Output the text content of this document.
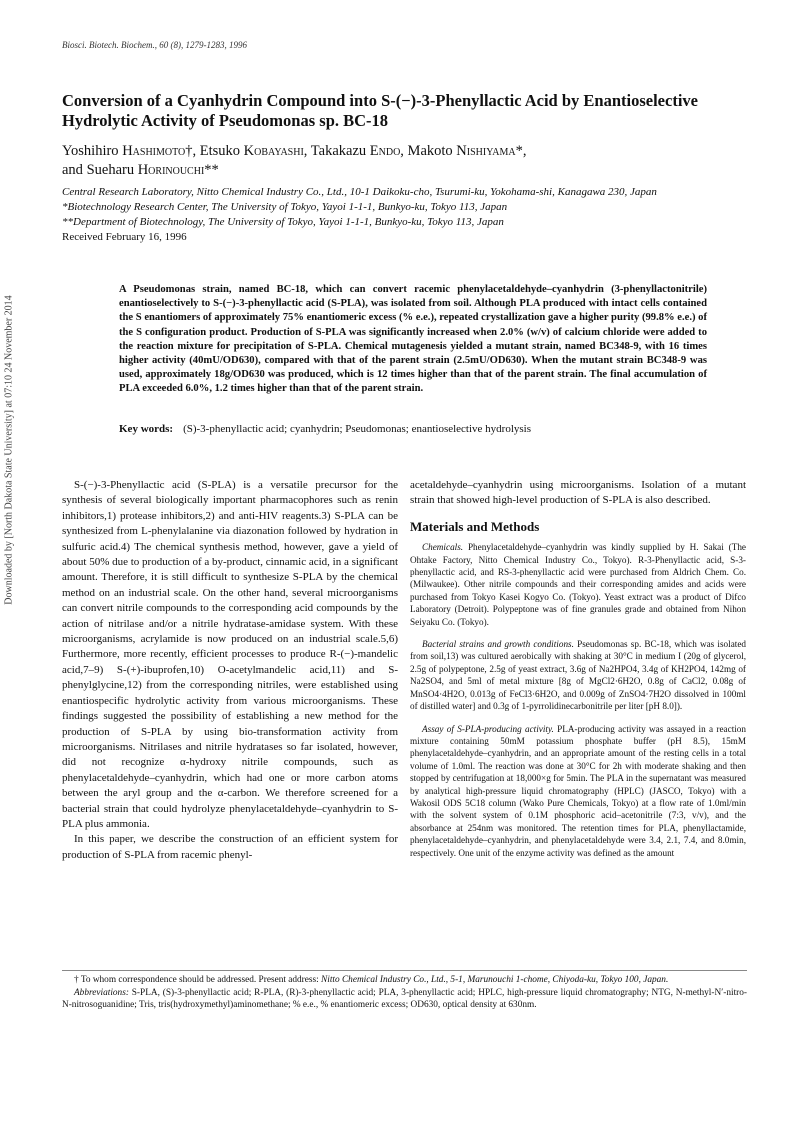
Biosci. Biotech. Biochem., 60 (8), 1279-1283, 1996
Downloaded by [North Dakota State University] at 07:10 24 November 2014
Conversion of a Cyanhydrin Compound into S-(−)-3-Phenyllactic Acid by Enantioselective Hydrolytic Activity of Pseudomonas sp. BC-18
Yoshihiro Hashimoto†, Etsuko Kobayashi, Takakazu Endo, Makoto Nishiyama*,
and Sueharu Horinouchi**
Central Research Laboratory, Nitto Chemical Industry Co., Ltd., 10-1 Daikoku-cho, Tsurumi-ku, Yokohama-shi, Kanagawa 230, Japan
*Biotechnology Research Center, The University of Tokyo, Yayoi 1-1-1, Bunkyo-ku, Tokyo 113, Japan
**Department of Biotechnology, The University of Tokyo, Yayoi 1-1-1, Bunkyo-ku, Tokyo 113, Japan
Received February 16, 1996
A Pseudomonas strain, named BC-18, which can convert racemic phenylacetaldehyde–cyanhydrin (3-phenyllactonitrile) enantioselectively to S-(−)-3-phenyllactic acid (S-PLA), was isolated from soil. Although PLA produced with intact cells contained the S enantiomers of approximately 75% enantiomeric excess (% e.e.), repeated crystallization gave a higher purity (99.8% e.e.) of the S configuration product. Production of S-PLA was significantly increased when 2.0% (w/v) of calcium chloride were added to the reaction mixture for precipitation of S-PLA. Chemical mutagenesis yielded a mutant strain, named BC348-9, with 16 times higher activity (40mU/OD630), compared with that of the parent strain (2.5mU/OD630). When the mutant strain BC348-9 was used, approximately 18g/OD630 was produced, which is 12 times higher than that of the parent strain. The final accumulation of PLA exceeded 6.0%, 1.2 times higher than that of the parent strain.
Key words: (S)-3-phenyllactic acid; cyanhydrin; Pseudomonas; enantioselective hydrolysis

S-(−)-3-Phenyllactic acid (S-PLA) is a versatile precursor for the synthesis of several biologically important pharmacophores such as renin inhibitors,1) protease inhibitors,2) and anti-HIV reagents.3) S-PLA can be synthesized from L-phenylalanine via diazonation followed by hydration in sulfuric acid.4) The chemical synthesis method, however, gave a yield of about 50% due to production of a by-product, cinnamic acid, in a significant amount. Therefore, it is still difficult to synthesize S-PLA by the chemical method on an industrial scale. On the other hand, several microorganisms can convert nitrile compounds to the corresponding acid compounds by the action of nitrilase and/or a nitrile hydratase-amidase system. With these microorganisms, acrylamide is now produced on an industrial scale.5,6) Furthermore, more recently, efficient processes to produce R-(−)-mandelic acid,7–9) S-(+)-ibuprofen,10) O-acetylmandelic acid,11) and S-phenylglycine,12) from the corresponding nitriles, were established using enantiospecific hydrolytic activity from various microorganisms. These findings suggested the possibility of establishing a new method for the production of S-PLA by using bio-transformation activity from microorganisms. Nitrilases and nitrile hydratases so far isolated, however, did not recognize α-hydroxy nitrile compounds, such as phenylacetaldehyde–cyanhydrin, which had one or more carbon atoms between the aryl group and the α-carbon. We therefore screened for a bacterial strain that could hydrolyze phenylacetaldehyde–cyanhydrin to S-PLA plus ammonia.

In this paper, we describe the construction of an efficient system for production of S-PLA from racemic phenyl-

acetaldehyde–cyanhydrin using microorganisms. Isolation of a mutant strain that showed high-level production of S-PLA is also described.

Materials and Methods

Chemicals. Phenylacetaldehyde–cyanhydrin was kindly supplied by H. Sakai (The Ohtake Factory, Nitto Chemical Industry Co., Tokyo). R-3-Phenyllactic acid, S-3-phenyllactic acid, and RS-3-phenyllactic acid were purchased from Aldrich Chem. Co. (Milwaukee). Other nitrile compounds and their corresponding amides and acids were purchased from Tokyo Kasei Kogyo Co. (Tokyo). Yeast extract was a product of Difco Laboratory (Detroit). Polypeptone was of fine granules grade and obtained from Nihon Seiyaku Co. (Tokyo).

Bacterial strains and growth conditions. Pseudomonas sp. BC-18, which was isolated from soil,13) was cultured aerobically with shaking at 30°C in medium I (20g of glycerol, 2.5g of polypeptone, 2.5g of yeast extract, 3.6g of Na2HPO4, 3.4g of KH2PO4, 142mg of Na2SO4, and 5ml of metal mixture [8g of MgCl2·6H2O, 0.8g of CaCl2, 0.08g of MnSO4·4H2O, 0.013g of FeCl3·6H2O, and 0.009g of ZnSO4·7H2O dissolved in 100ml of distilled water] and 0.3g of 1-pyrrolidinecarbonitrile per liter [pH 8.0]).

Assay of S-PLA-producing activity. PLA-producing activity was assayed in a reaction mixture containing 50mM potassium phosphate buffer (pH 8.5), 15mM phenylacetaldehyde–cyanhydrin, and an appropriate amount of the resting cells in a total volume of 1.0ml. The reaction was done at 30°C for 2h with moderate shaking and then stopped by centrifugation at 18,000×g for 5min. The PLA in the supernatant was measured by analytical high-pressure liquid chromatography (HPLC) (JASCO, Tokyo) with a Wakosil ODS 5C18 column (Wako Pure Chemicals, Tokyo) at a flow rate of 1.0ml/min with the solvent system of 0.1M phosphoric acid–acetonitrile (7:3, v/v), and the absorbance at 254nm was monitored. The retention times for PLA, phenyllactamide, phenylacetaldehyde–cyanhydrin, and phenylacetaldehyde were 3.4, 2.1, 7.4, and 8.0min, respectively. One unit of the enzyme activity was defined as the amount

† To whom correspondence should be addressed. Present address: Nitto Chemical Industry Co., Ltd., 5-1, Marunouchi 1-chome, Chiyoda-ku, Tokyo 100, Japan.

Abbreviations: S-PLA, (S)-3-phenyllactic acid; R-PLA, (R)-3-phenyllactic acid; PLA, 3-phenyllactic acid; HPLC, high-pressure liquid chromatography; NTG, N-methyl-N′-nitro-N-nitrosoguanidine; Tris, tris(hydroxymethyl)aminomethane; % e.e., % enantiomeric excess; OD630, optical density at 630nm.
